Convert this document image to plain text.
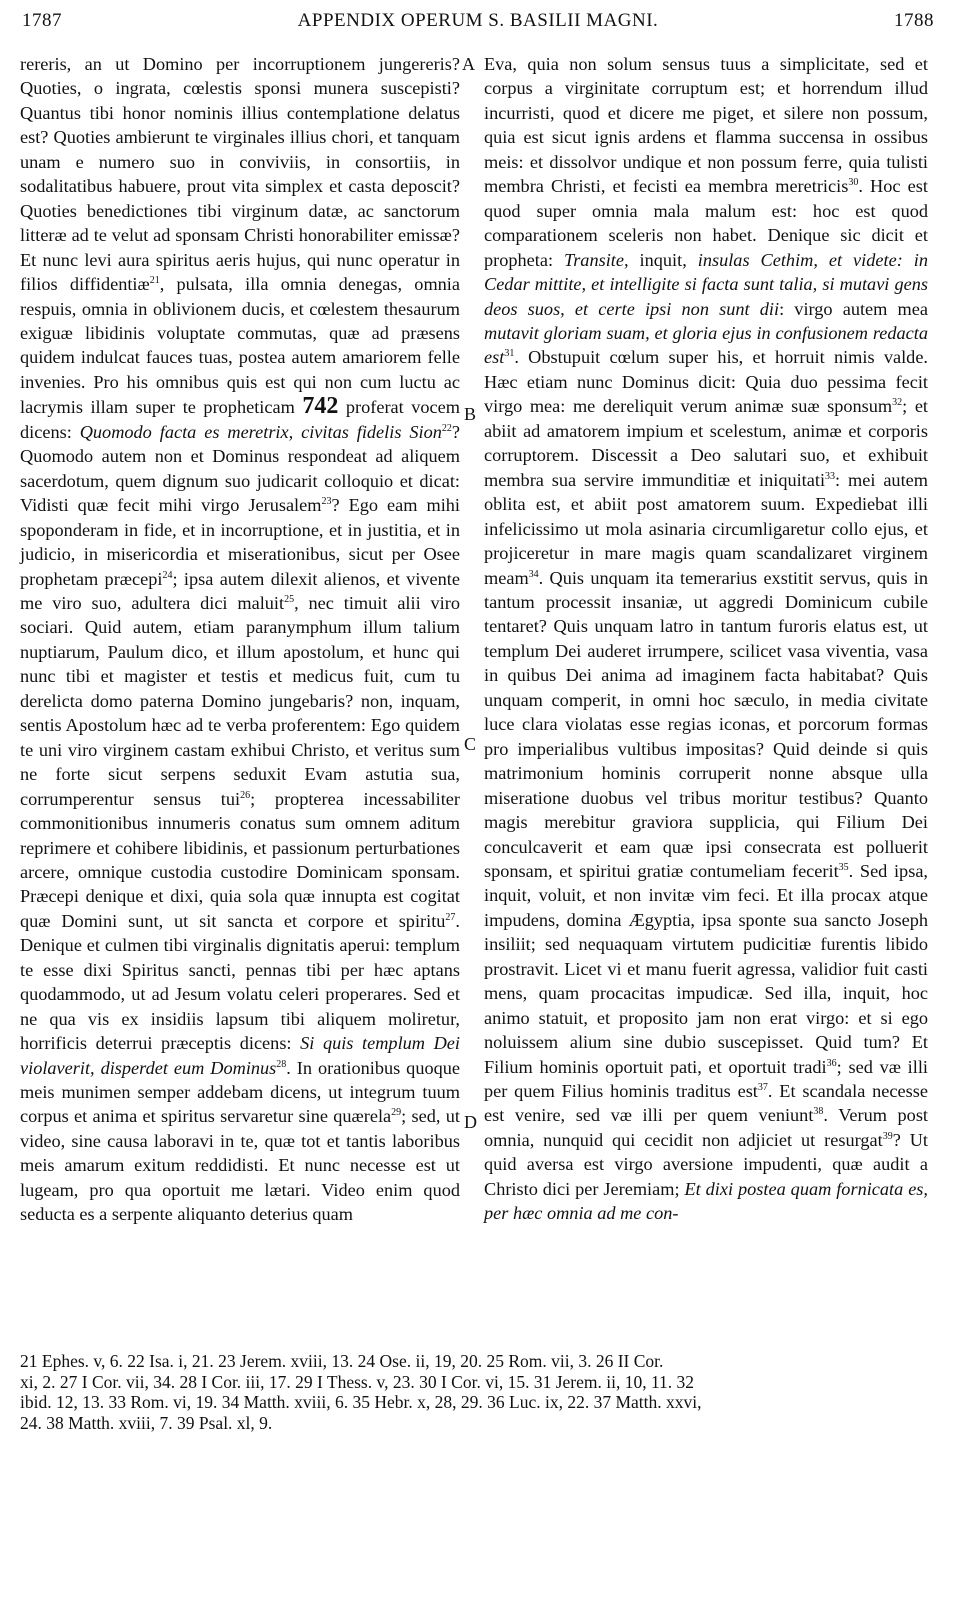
1787	APPENDIX OPERUM S. BASILII MAGNI.	1788
A
B
C
D

rereris, an ut Domino per incorruptionem jungereris? Quoties, o ingrata, cœlestis sponsi munera suscepisti? Quantus tibi honor nominis illius contemplatione delatus est? Quoties ambierunt te virginales illius chori, et tanquam unam e numero suo in conviviis, in consortiis, in sodalitatibus habuere, prout vita simplex et casta deposcit? Quoties benedictiones tibi virginum datæ, ac sanctorum litteræ ad te velut ad sponsam Christi honorabiliter emissæ? Et nunc levi aura spiritus aeris hujus, qui nunc operatur in filios diffidentiæ$^{21}$, pulsata, illa omnia denegas, omnia respuis, omnia in oblivionem ducis, et cœlestem thesaurum exiguæ libidinis voluptate commutas, quæ ad præsens quidem indulcat fauces tuas, postea autem amariorem felle invenies. Pro his omnibus quis est qui non cum luctu ac lacrymis illam super te propheticam 742 proferat vocem dicens: Quomodo facta es meretrix, civitas fidelis Sion$^{22}$? Quomodo autem non et Dominus respondeat ad aliquem sacerdotum, quem dignum suo judicarit colloquio et dicat: Vidisti quæ fecit mihi virgo Jerusalem$^{23}$? Ego eam mihi spoponderam in fide, et in incorruptione, et in justitia, et in judicio, in misericordia et miserationibus, sicut per Osee prophetam præcepi$^{24}$; ipsa autem dilexit alienos, et vivente me viro suo, adultera dici maluit$^{25}$, nec timuit alii viro sociari. Quid autem, etiam paranymphum illum talium nuptiarum, Paulum dico, et illum apostolum, et hunc qui nunc tibi et magister et testis et medicus fuit, cum tu derelicta domo paterna Domino jungebaris? non, inquam, sentis Apostolum hæc ad te verba proferentem: Ego quidem te uni viro virginem castam exhibui Christo, et veritus sum ne forte sicut serpens seduxit Evam astutia sua, corrumperentur sensus tui$^{26}$; propterea incessabiliter commonitionibus innumeris conatus sum omnem aditum reprimere et cohibere libidinis, et passionum perturbationes arcere, omnique custodia custodire Dominicam sponsam. Præcepi denique et dixi, quia sola quæ innupta est cogitat quæ Domini sunt, ut sit sancta et corpore et spiritu$^{27}$. Denique et culmen tibi virginalis dignitatis aperui: templum te esse dixi Spiritus sancti, pennas tibi per hæc aptans quodammodo, ut ad Jesum volatu celeri properares. Sed et ne qua vis ex insidiis lapsum tibi aliquem moliretur, horrificis deterrui præceptis dicens: Si quis templum Dei violaverit, disperdet eum Dominus$^{28}$. In orationibus quoque meis munimen semper addebam dicens, ut integrum tuum corpus et anima et spiritus servaretur sine quærela$^{29}$; sed, ut video, sine causa laboravi in te, quæ tot et tantis laboribus meis amarum exitum reddidisti. Et nunc necesse est ut lugeam, pro qua oportuit me lætari. Video enim quod seducta es a serpente aliquanto deterius quam

Eva, quia non solum sensus tuus a simplicitate, sed et corpus a virginitate corruptum est; et horrendum illud incurristi, quod et dicere me piget, et silere non possum, quia est sicut ignis ardens et flamma succensa in ossibus meis: et dissolvor undique et non possum ferre, quia tulisti membra Christi, et fecisti ea membra meretricis$^{30}$. Hoc est quod super omnia mala malum est: hoc est quod comparationem sceleris non habet. Denique sic dicit et propheta: Transite, inquit, insulas Cethim, et videte: in Cedar mittite, et intelligite si facta sunt talia, si mutavi gens deos suos, et certe ipsi non sunt dii: virgo autem mea mutavit gloriam suam, et gloria ejus in confusionem redacta est$^{31}$. Obstupuit cœlum super his, et horruit nimis valde. Hæc etiam nunc Dominus dicit: Quia duo pessima fecit virgo mea: me dereliquit verum animæ suæ sponsum$^{32}$; et abiit ad amatorem impium et scelestum, animæ et corporis corruptorem. Discessit a Deo salutari suo, et exhibuit membra sua servire immunditiæ et iniquitati$^{33}$: mei autem oblita est, et abiit post amatorem suum. Expediebat illi infelicissimo ut mola asinaria circumligaretur collo ejus, et projiceretur in mare magis quam scandalizaret virginem meam$^{34}$. Quis unquam ita temerarius exstitit servus, quis in tantum processit insaniæ, ut aggredi Dominicum cubile tentaret? Quis unquam latro in tantum furoris elatus est, ut templum Dei auderet irrumpere, scilicet vasa viventia, vasa in quibus Dei anima ad imaginem facta habitabat? Quis unquam comperit, in omni hoc sæculo, in media civitate luce clara violatas esse regias iconas, et porcorum formas pro imperialibus vultibus impositas? Quid deinde si quis matrimonium hominis corruperit nonne absque ulla miseratione duobus vel tribus moritur testibus? Quanto magis merebitur graviora supplicia, qui Filium Dei conculcaverit et eam quæ ipsi consecrata est polluerit sponsam, et spiritui gratiæ contumeliam fecerit$^{35}$. Sed ipsa, inquit, voluit, et non invitæ vim feci. Et illa procax atque impudens, domina Ægyptia, ipsa sponte sua sancto Joseph insiliit; sed nequaquam virtutem pudicitiæ furentis libido prostravit. Licet vi et manu fuerit agressa, validior fuit casti mens, quam procacitas impudicæ. Sed illa, inquit, hoc animo statuit, et proposito jam non erat virgo: et si ego noluissem alium sine dubio suscepisset. Quid tum? Et Filium hominis oportuit pati, et oportuit tradi$^{36}$; sed væ illi per quem Filius hominis traditus est$^{37}$. Et scandala necesse est venire, sed væ illi per quem veniunt$^{38}$. Verum post omnia, nunquid qui cecidit non adjiciet ut resurgat$^{39}$? Ut quid aversa est virgo aversione impudenti, quæ audit a Christo dici per Jeremiam; Et dixi postea quam fornicata es, per hæc omnia ad me con-

21 Ephes. v, 6. 22 Isa. i, 21. 23 Jerem. xviii, 13. 24 Ose. ii, 19, 20. 25 Rom. vii, 3. 26 II Cor.

xi, 2. 27 I Cor. vii, 34. 28 I Cor. iii, 17. 29 I Thess. v, 23. 30 I Cor. vi, 15. 31 Jerem. ii, 10, 11. 32

ibid. 12, 13. 33 Rom. vi, 19. 34 Matth. xviii, 6. 35 Hebr. x, 28, 29. 36 Luc. ix, 22. 37 Matth. xxvi,

24. 38 Matth. xviii, 7. 39 Psal. xl, 9.
